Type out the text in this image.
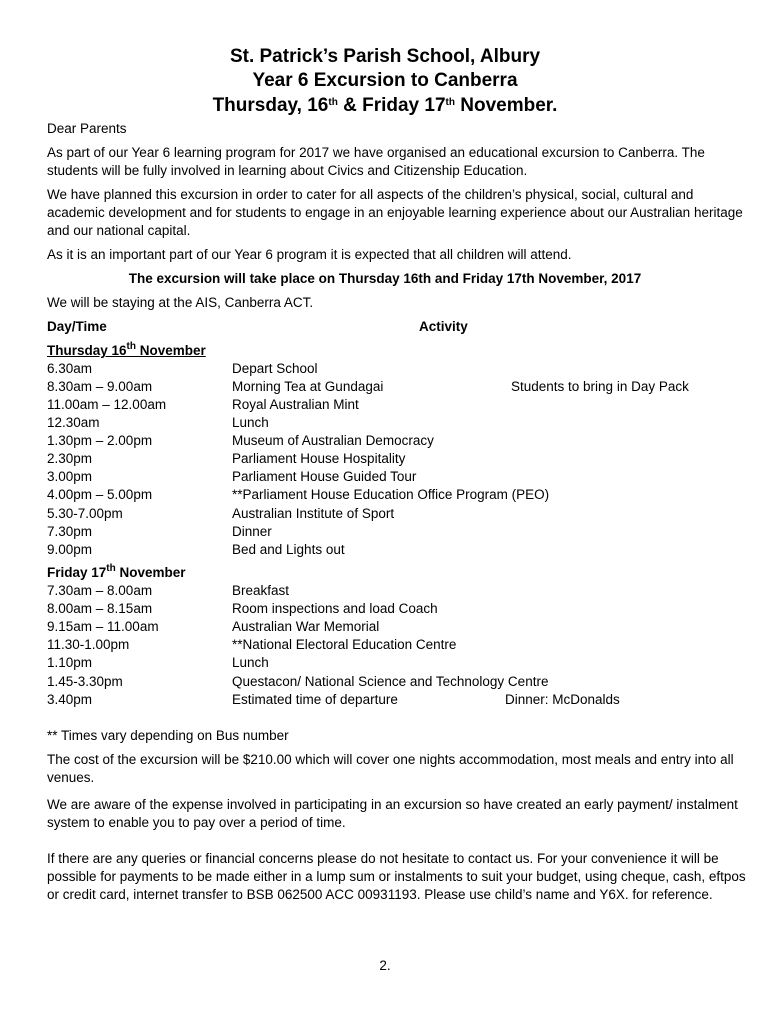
St. Patrick’s Parish School, Albury
Year 6 Excursion to Canberra
Thursday, 16th & Friday 17th November.
Dear Parents
As part of our Year 6 learning program for 2017 we have organised an educational excursion to Canberra. The students will be fully involved in learning about Civics and Citizenship Education.
We have planned this excursion in order to cater for all aspects of the children’s physical, social, cultural and academic development and for students to engage in an enjoyable learning experience about our Australian heritage and our national capital.
As it is an important part of our Year 6 program it is expected that all children will attend.
The excursion will take place on Thursday 16th and Friday 17th November, 2017
We will be staying at the AIS, Canberra ACT.
Day/Time	Activity
Thursday 16th November
6.30am	Depart School
8.30am – 9.00am	Morning Tea at Gundagai	Students to bring in Day Pack
11.00am – 12.00am	Royal Australian Mint
12.30am	Lunch
1.30pm – 2.00pm	Museum of Australian Democracy
2.30pm	Parliament House Hospitality
3.00pm	Parliament House Guided Tour
4.00pm – 5.00pm	**Parliament House Education Office Program (PEO)
5.30-7.00pm	Australian Institute of Sport
7.30pm	Dinner
9.00pm	Bed and Lights out
Friday 17th November
7.30am – 8.00am	Breakfast
8.00am – 8.15am	Room inspections and load Coach
9.15am – 11.00am	Australian War Memorial
11.30-1.00pm	**National Electoral Education Centre
1.10pm	Lunch
1.45-3.30pm	Questacon/ National Science and Technology Centre
3.40pm	Estimated time of departure	Dinner: McDonalds
** Times vary depending on Bus number
The cost of the excursion will be $210.00 which will cover one nights accommodation, most meals and entry into all venues.
We are aware of the expense involved in participating in an excursion so have created an early payment/ instalment system to enable you to pay over a period of time.
If there are any queries or financial concerns please do not hesitate to contact us. For your convenience it will be possible for payments to be made either in a lump sum or instalments to suit your budget, using cheque, cash, eftpos or credit card, internet transfer to BSB 062500 ACC 00931193. Please use child’s name and Y6X. for reference.
2.
